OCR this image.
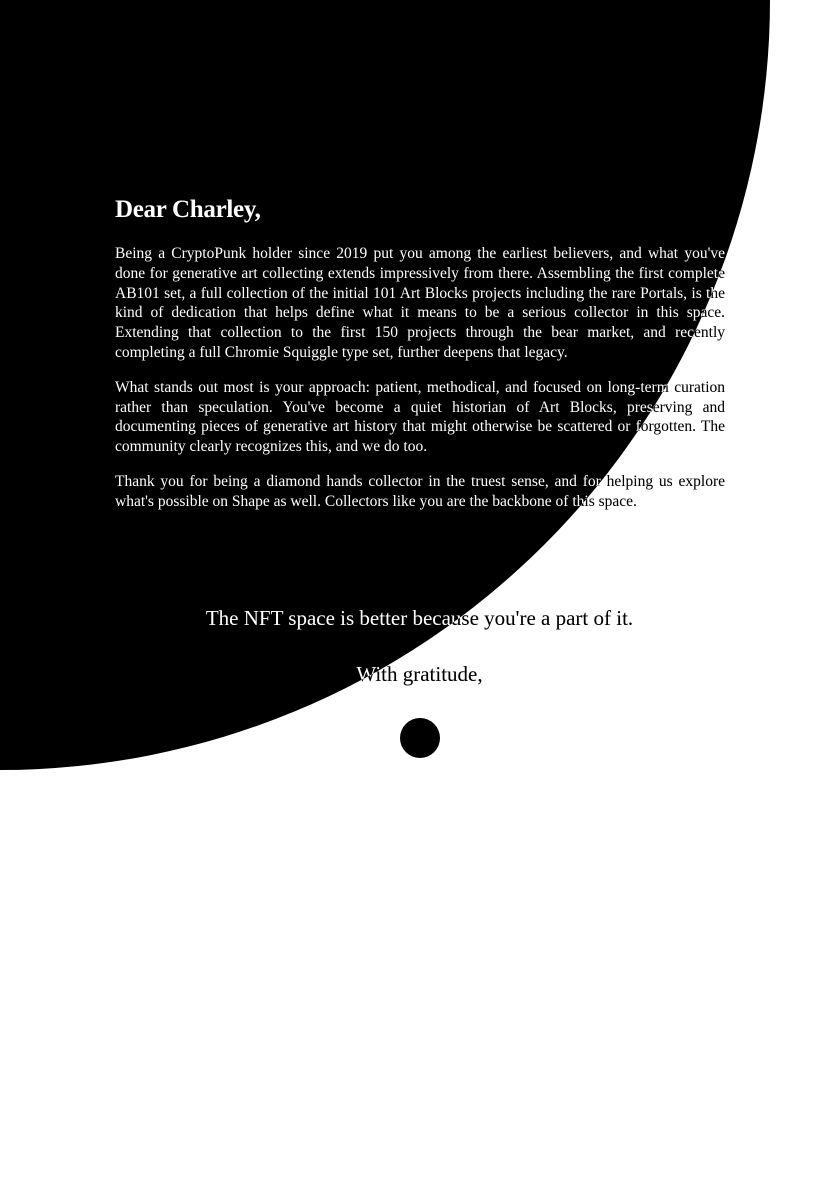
Dear Charley,

Being a CryptoPunk holder since 2019 put you among the earliest believers, and what you've done for generative art collecting extends impressively from there. Assembling the first complete AB101 set, a full collection of the initial 101 Art Blocks projects including the rare Portals, is the kind of dedication that helps define what it means to be a serious collector in this space. Extending that collection to the first 150 projects through the bear market, and recently completing a full Chromie Squiggle type set, further deepens that legacy.

What stands out most is your approach: patient, methodical, and focused on long-term curation rather than speculation. You've become a quiet historian of Art Blocks, preserving and documenting pieces of generative art history that might otherwise be scattered or forgotten. The community clearly recognizes this, and we do too.

Thank you for being a diamond hands collector in the truest sense, and for helping us explore what's possible on Shape as well. Collectors like you are the backbone of this space.

The NFT space is better because you're a part of it.
With gratitude,
